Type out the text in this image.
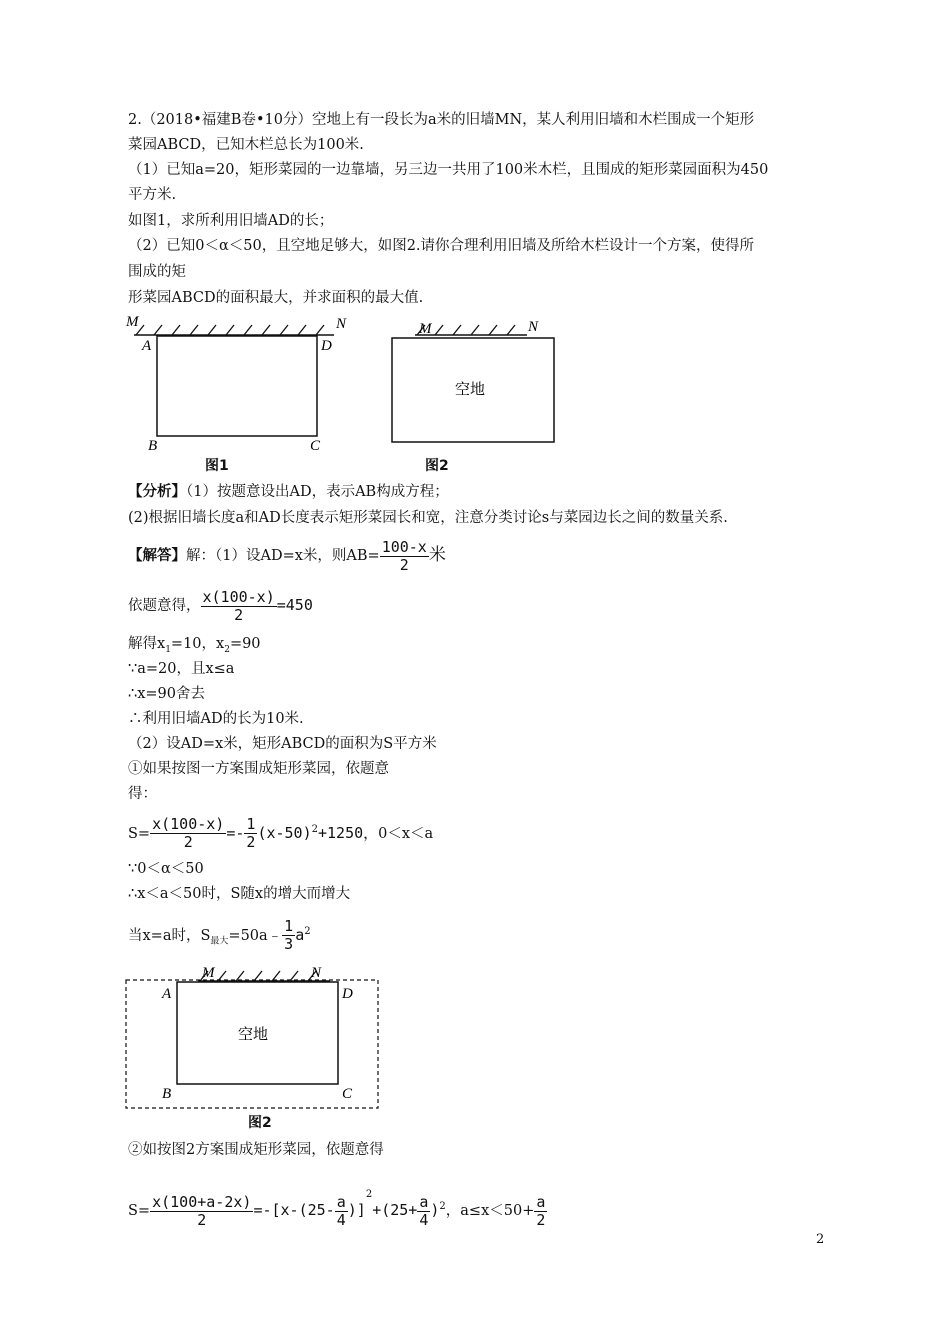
2.（2018•福建B卷•10分）空地上有一段长为a米的旧墙MN，某人利用旧墙和木栏围成一个矩形
菜园ABCD，已知木栏总长为100米.
（1）已知a=20，矩形菜园的一边靠墙，另三边一共用了100米木栏，且围成的矩形菜园面积为450
平方米.
如图1，求所利用旧墙AD的长；
（2）已知0＜α＜50，且空地足够大，如图2.请你合理利用旧墙及所给木栏设计一个方案，使得所
围成的矩
形菜园ABCD的面积最大，并求面积的最大值.
M	N
A	D
B	C
图1
M	N
空地
图2
【分析】（1）按题意设出AD，表示AB构成方程；
(2)根据旧墙长度a和AD长度表示矩形菜园长和宽，注意分类讨论s与菜园边长之间的数量关系.
【解答】解：（1）设AD=x米，则$AB= \frac{100-x}{2}$ 米
依题意得， $\frac{x(100-x)}{2} =450$
解得$x_1=10$，$x_2=90$
∵a=20，且x≤a
∴x=90舍去
∴利用旧墙AD的长为10米.
（2）设AD=x米，矩形ABCD的面积为S平方米
①如果按图一方案围成矩形菜园，依题意
得：
$S= \frac{x(100-x)}{2} =- \frac{1}{2} (x-50)^2+1250$，0＜x＜a
∵0＜α＜50
∴x＜a＜50时，S随x的增大而增大
当x=a时，$S_{最大}=50a﹣ \frac{1}{3} a^2$
M	N
A	D
B	C
空地
图2
②如按图2方案围成矩形菜园，依题意得
$S= \frac{x(100+a-2x)}{2} =-[x-(25- \frac{a}{4} )]^2+(25+ \frac{a}{4} )^2$，$a\le x<50+ \frac{a}{2}$
2
